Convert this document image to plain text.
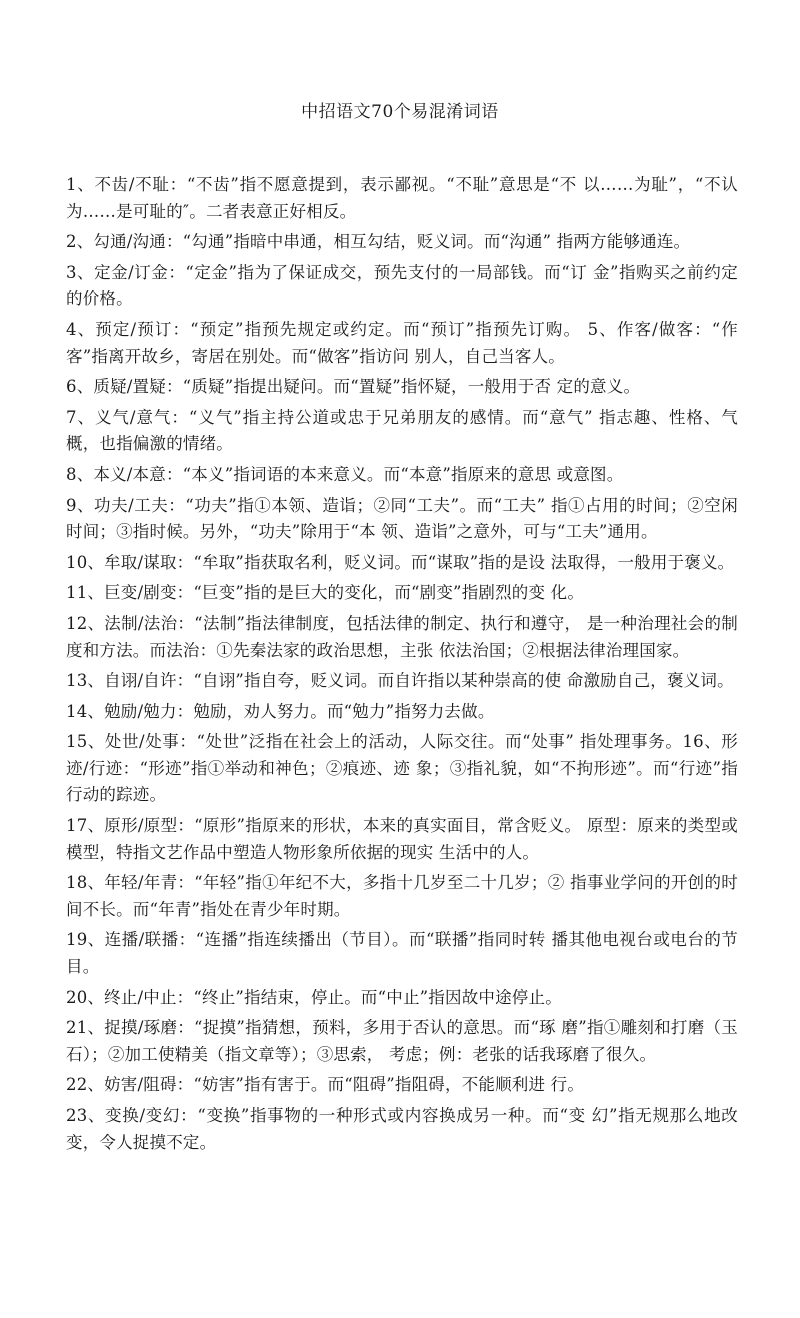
中招语文70个易混淆词语

1、不齿/不耻：“不齿”指不愿意提到，表示鄙视。“不耻”意思是“不 以……为耻”，“不认为……是可耻的″。二者表意正好相反。

2、勾通/沟通：“勾通”指暗中串通，相互勾结，贬义词。而“沟通” 指两方能够通连。

3、定金/订金：“定金”指为了保证成交，预先支付的一局部钱。而“订 金”指购买之前约定的价格。

4、预定/预订：“预定”指预先规定或约定。而“预订”指预先订购。 5、作客/做客：“作客”指离开故乡，寄居在别处。而“做客”指访问 别人，自己当客人。

6、质疑/置疑：“质疑”指提出疑问。而“置疑”指怀疑，一般用于否 定的意义。

7、义气/意气：“义气”指主持公道或忠于兄弟朋友的感情。而“意气” 指志趣、性格、气概，也指偏激的情绪。

8、本义/本意：“本义”指词语的本来意义。而“本意”指原来的意思 或意图。

9、功夫/工夫：“功夫”指①本领、造诣；②同“工夫”。而“工夫” 指①占用的时间；②空闲时间；③指时候。另外，“功夫”除用于“本 领、造诣”之意外，可与“工夫”通用。

10、牟取/谋取：“牟取”指获取名利，贬义词。而“谋取”指的是设 法取得，一般用于褒义。

11、巨变/剧变：“巨变”指的是巨大的变化，而“剧变”指剧烈的变 化。

12、法制/法治：“法制”指法律制度，包括法律的制定、执行和遵守， 是一种治理社会的制度和方法。而法治：①先秦法家的政治思想，主张 依法治国；②根据法律治理国家。

13、自诩/自许：“自诩”指自夸，贬义词。而自许指以某种崇高的使 命激励自己，褒义词。

14、勉励/勉力：勉励，劝人努力。而“勉力”指努力去做。

15、处世/处事：“处世”泛指在社会上的活动，人际交往。而“处事” 指处理事务。16、形迹/行迹：“形迹”指①举动和神色；②痕迹、迹 象；③指礼貌，如“不拘形迹”。而“行迹”指行动的踪迹。

17、原形/原型：“原形”指原来的形状，本来的真实面目，常含贬义。 原型：原来的类型或模型，特指文艺作品中塑造人物形象所依据的现实 生活中的人。

18、年轻/年青：“年轻”指①年纪不大，多指十几岁至二十几岁；② 指事业学问的开创的时间不长。而“年青”指处在青少年时期。

19、连播/联播：“连播”指连续播出（节目）。而“联播”指同时转 播其他电视台或电台的节目。

20、终止/中止：“终止”指结束，停止。而“中止”指因故中途停止。

21、捉摸/琢磨：“捉摸”指猜想，预料，多用于否认的意思。而“琢 磨”指①雕刻和打磨（玉石）；②加工使精美（指文章等）；③思索， 考虑；例：老张的话我琢磨了很久。

22、妨害/阻碍：“妨害”指有害于。而“阻碍”指阻碍，不能顺利进 行。

23、变换/变幻：“变换”指事物的一种形式或内容换成另一种。而“变 幻”指无规那么地改变，令人捉摸不定。
